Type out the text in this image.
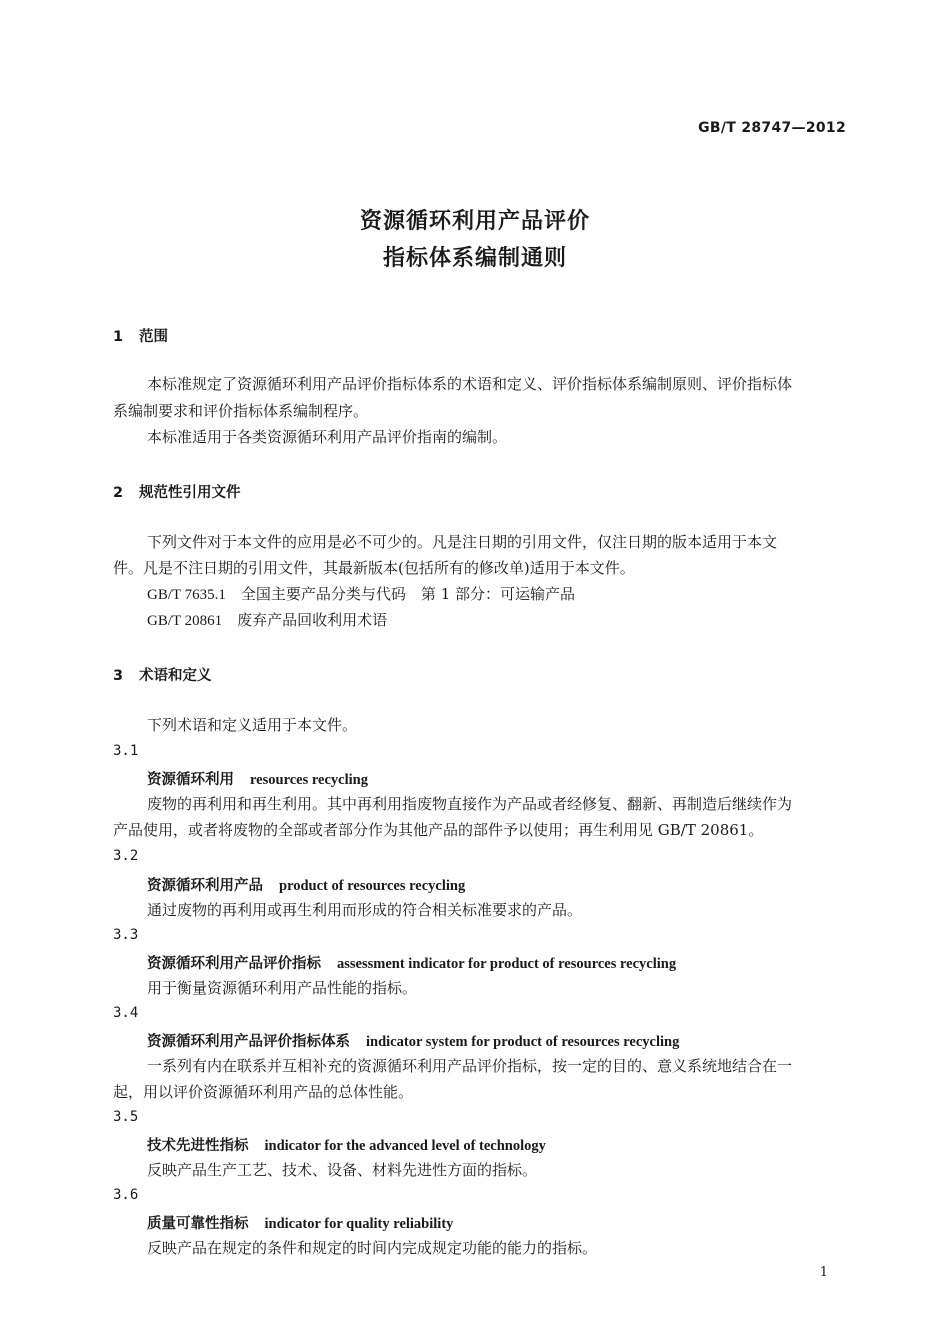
GB/T 28747—2012
资源循环利用产品评价
指标体系编制通则
1 范围
本标准规定了资源循环利用产品评价指标体系的术语和定义、评价指标体系编制原则、评价指标体
系编制要求和评价指标体系编制程序。
本标准适用于各类资源循环利用产品评价指南的编制。
2 规范性引用文件
下列文件对于本文件的应用是必不可少的。凡是注日期的引用文件，仅注日期的版本适用于本文
件。凡是不注日期的引用文件，其最新版本(包括所有的修改单)适用于本文件。
GB/T 7635.1　 全国主要产品分类与代码　第 1 部分：可运输产品
GB/T 20861　 废弃产品回收利用术语
3 术语和定义
下列术语和定义适用于本文件。
3.1
资源循环利用 resources recycling
废物的再利用和再生利用。其中再利用指废物直接作为产品或者经修复、翻新、再制造后继续作为
产品使用，或者将废物的全部或者部分作为其他产品的部件予以使用；再生利用见 GB/T 20861。
3.2
资源循环利用产品 product of resources recycling
通过废物的再利用或再生利用而形成的符合相关标准要求的产品。
3.3
资源循环利用产品评价指标 assessment indicator for product of resources recycling
用于衡量资源循环利用产品性能的指标。
3.4
资源循环利用产品评价指标体系 indicator system for product of resources recycling
一系列有内在联系并互相补充的资源循环利用产品评价指标，按一定的目的、意义系统地结合在一
起，用以评价资源循环利用产品的总体性能。
3.5
技术先进性指标 indicator for the advanced level of technology
反映产品生产工艺、技术、设备、材料先进性方面的指标。
3.6
质量可靠性指标 indicator for quality reliability
反映产品在规定的条件和规定的时间内完成规定功能的能力的指标。
1
